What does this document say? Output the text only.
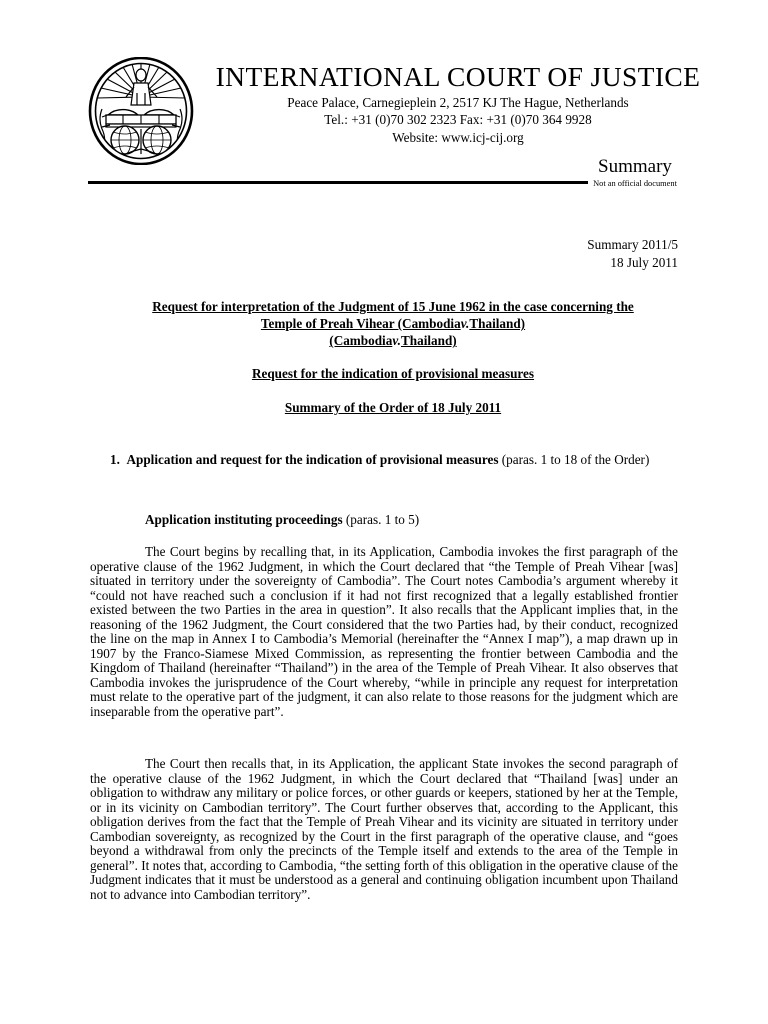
INTERNATIONAL COURT OF JUSTICE
Peace Palace, Carnegieplein 2, 2517 KJ The Hague, Netherlands
Tel.: +31 (0)70 302 2323 Fax: +31 (0)70 364 9928
Website: www.icj-cij.org
Summary
Not an official document
Summary 2011/5
18 July 2011
Request for interpretation of the Judgment of 15 June 1962 in the case concerning the
Temple of Preah Vihear (Cambodiav.Thailand)
(Cambodiav.Thailand)
Request for the indication of provisional measures
Summary of the Order of 18 July 2011
1. Application and request for the indication of provisional measures (paras. 1 to 18 of the Order)
Application instituting proceedings (paras. 1 to 5)

The Court begins by recalling that, in its Application, Cambodia invokes the first paragraph of the operative clause of the 1962 Judgment, in which the Court declared that “the Temple of Preah Vihear [was] situated in territory under the sovereignty of Cambodia”. The Court notes Cambodia’s argument whereby it “could not have reached such a conclusion if it had not first recognized that a legally established frontier existed between the two Parties in the area in question”. It also recalls that the Applicant implies that, in the reasoning of the 1962 Judgment, the Court considered that the two Parties had, by their conduct, recognized the line on the map in Annex I to Cambodia’s Memorial (hereinafter the “Annex I map”), a map drawn up in 1907 by the Franco-Siamese Mixed Commission, as representing the frontier between Cambodia and the Kingdom of Thailand (hereinafter “Thailand”) in the area of the Temple of Preah Vihear. It also observes that Cambodia invokes the jurisprudence of the Court whereby, “while in principle any request for interpretation must relate to the operative part of the judgment, it can also relate to those reasons for the judgment which are inseparable from the operative part”.

The Court then recalls that, in its Application, the applicant State invokes the second paragraph of the operative clause of the 1962 Judgment, in which the Court declared that “Thailand [was] under an obligation to withdraw any military or police forces, or other guards or keepers, stationed by her at the Temple, or in its vicinity on Cambodian territory”. The Court further observes that, according to the Applicant, this obligation derives from the fact that the Temple of Preah Vihear and its vicinity are situated in territory under Cambodian sovereignty, as recognized by the Court in the first paragraph of the operative clause, and “goes beyond a withdrawal from only the precincts of the Temple itself and extends to the area of the Temple in general”. It notes that, according to Cambodia, “the setting forth of this obligation in the operative clause of the Judgment indicates that it must be understood as a general and continuing obligation incumbent upon Thailand not to advance into Cambodian territory”.
